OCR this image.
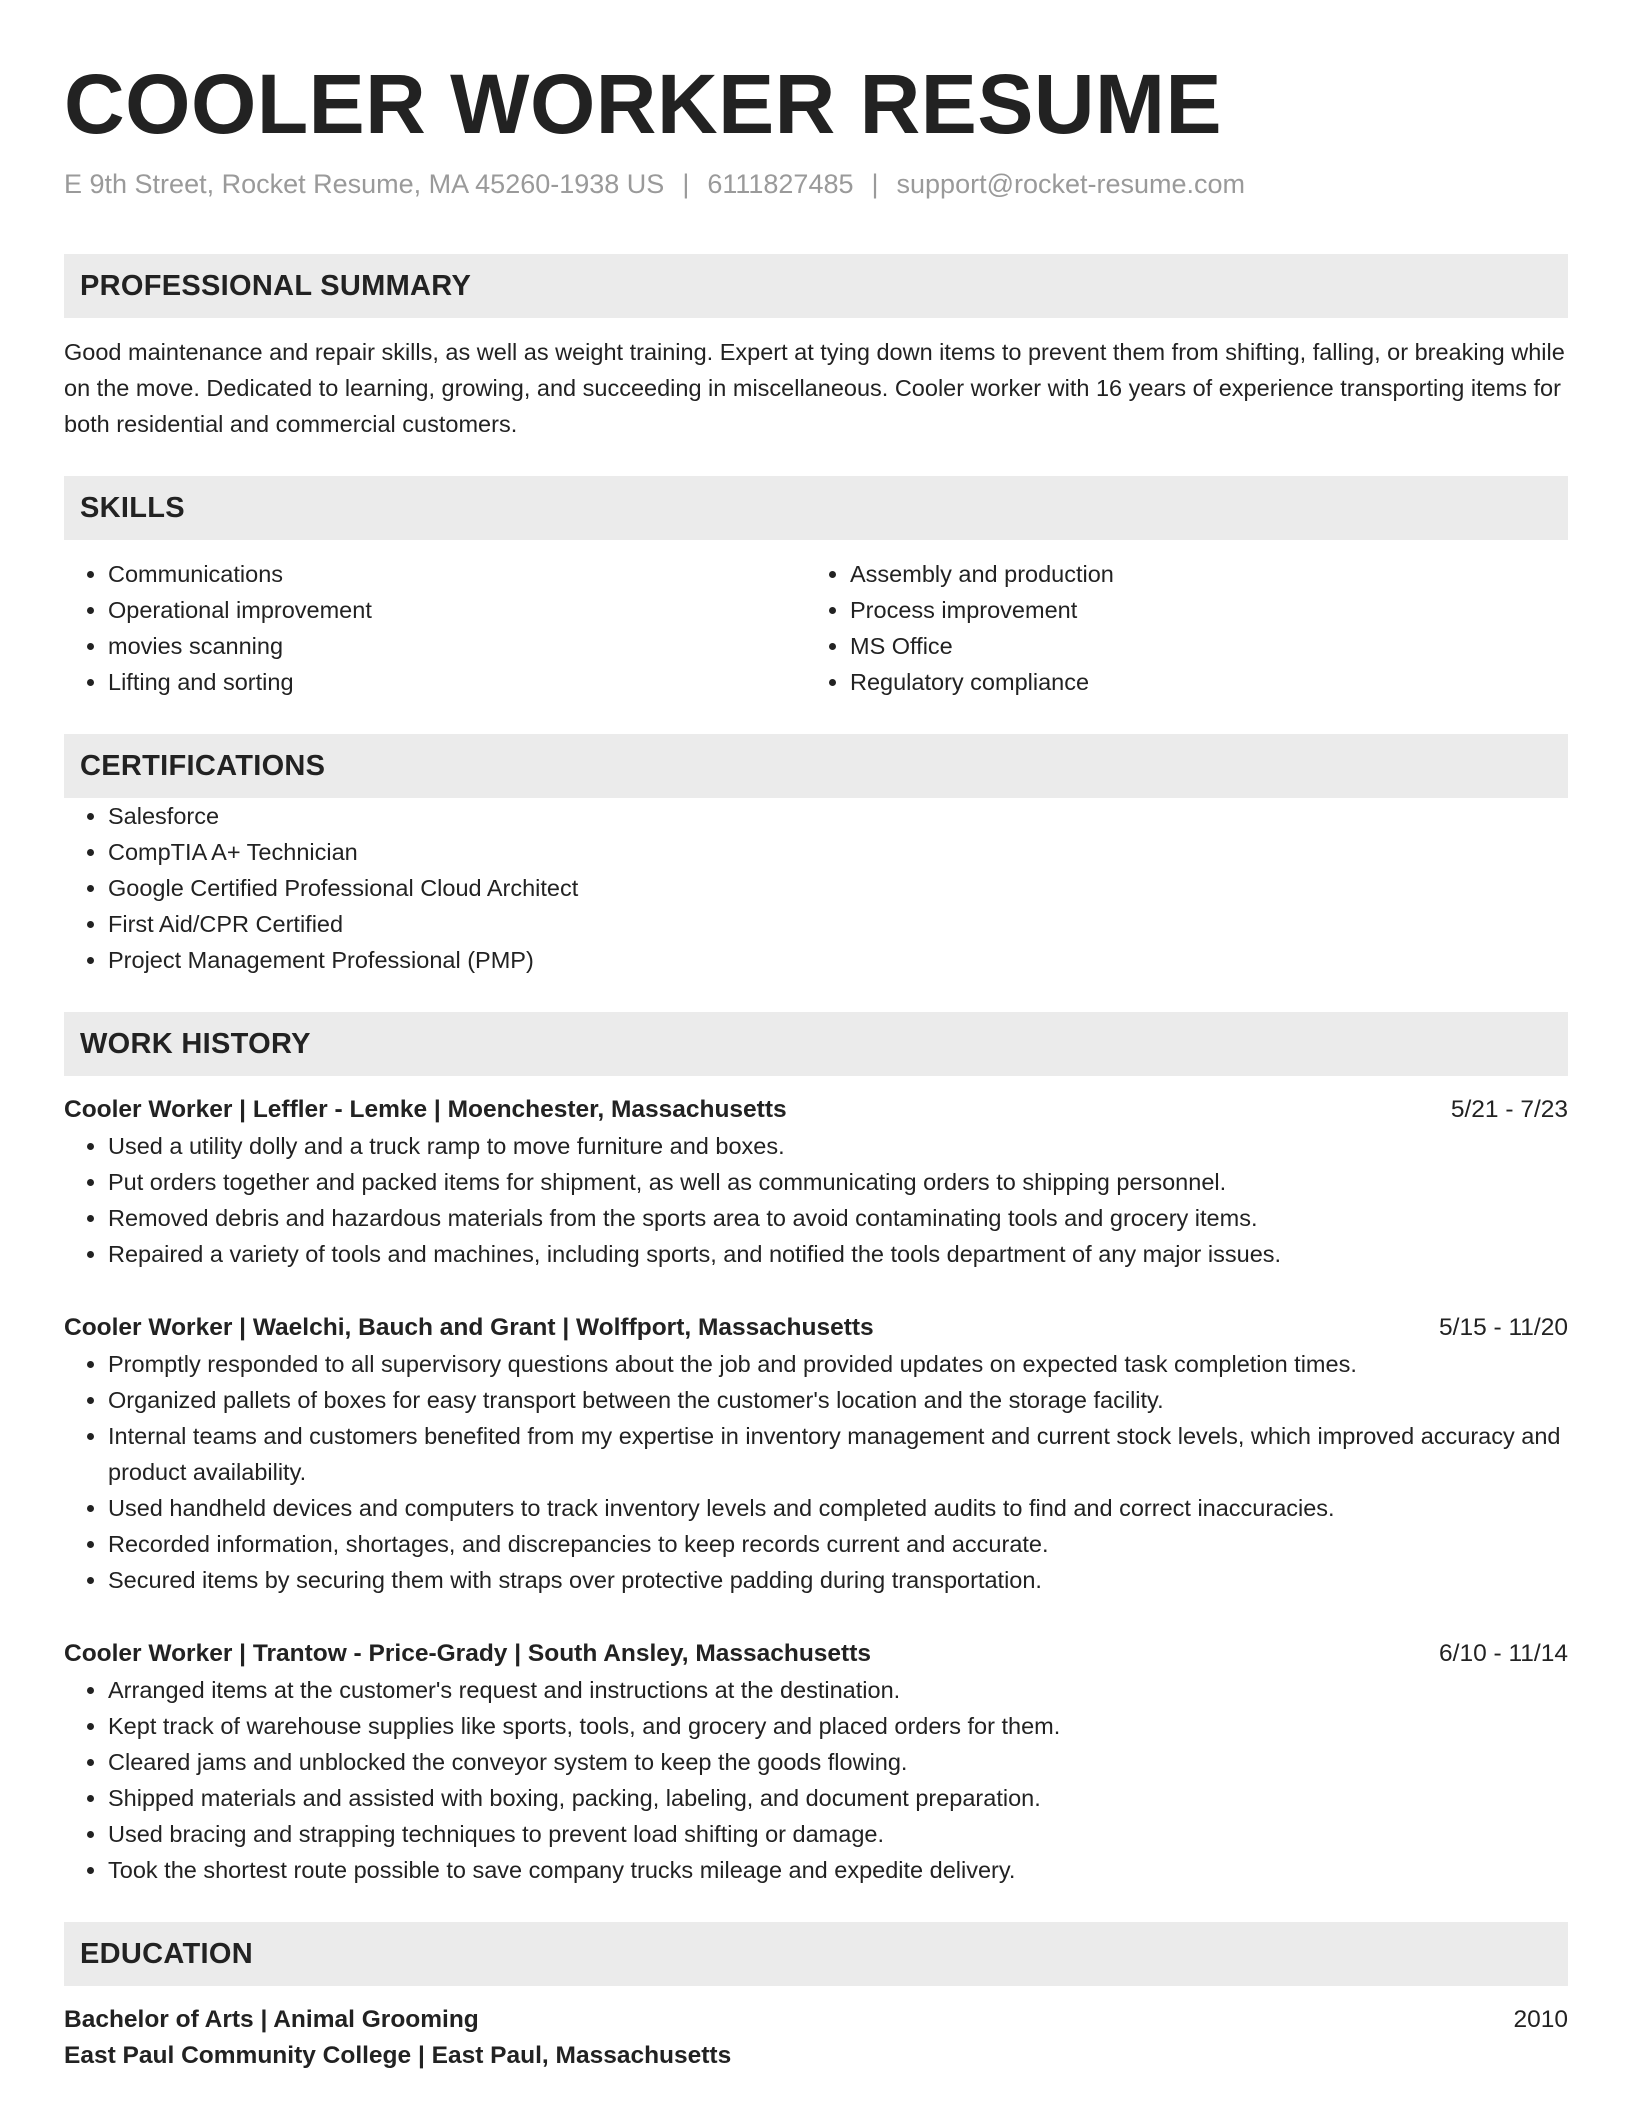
COOLER WORKER RESUME
E 9th Street, Rocket Resume, MA 45260-1938 US | 6111827485 | support@rocket-resume.com
PROFESSIONAL SUMMARY
Good maintenance and repair skills, as well as weight training. Expert at tying down items to prevent them from shifting, falling, or breaking while on the move. Dedicated to learning, growing, and succeeding in miscellaneous. Cooler worker with 16 years of experience transporting items for both residential and commercial customers.
SKILLS
• Communications
• Operational improvement
• movies scanning
• Lifting and sorting
• Assembly and production
• Process improvement
• MS Office
• Regulatory compliance
CERTIFICATIONS
• Salesforce
• CompTIA A+ Technician
• Google Certified Professional Cloud Architect
• First Aid/CPR Certified
• Project Management Professional (PMP)
WORK HISTORY
Cooler Worker | Leffler - Lemke | Moenchester, Massachusetts	5/21 - 7/23
• Used a utility dolly and a truck ramp to move furniture and boxes.
• Put orders together and packed items for shipment, as well as communicating orders to shipping personnel.
• Removed debris and hazardous materials from the sports area to avoid contaminating tools and grocery items.
• Repaired a variety of tools and machines, including sports, and notified the tools department of any major issues.
Cooler Worker | Waelchi, Bauch and Grant | Wolffport, Massachusetts	5/15 - 11/20
• Promptly responded to all supervisory questions about the job and provided updates on expected task completion times.
• Organized pallets of boxes for easy transport between the customer's location and the storage facility.
• Internal teams and customers benefited from my expertise in inventory management and current stock levels, which improved accuracy and product availability.
• Used handheld devices and computers to track inventory levels and completed audits to find and correct inaccuracies.
• Recorded information, shortages, and discrepancies to keep records current and accurate.
• Secured items by securing them with straps over protective padding during transportation.
Cooler Worker | Trantow - Price-Grady | South Ansley, Massachusetts	6/10 - 11/14
• Arranged items at the customer's request and instructions at the destination.
• Kept track of warehouse supplies like sports, tools, and grocery and placed orders for them.
• Cleared jams and unblocked the conveyor system to keep the goods flowing.
• Shipped materials and assisted with boxing, packing, labeling, and document preparation.
• Used bracing and strapping techniques to prevent load shifting or damage.
• Took the shortest route possible to save company trucks mileage and expedite delivery.
EDUCATION
Bachelor of Arts | Animal Grooming	2010
East Paul Community College | East Paul, Massachusetts
